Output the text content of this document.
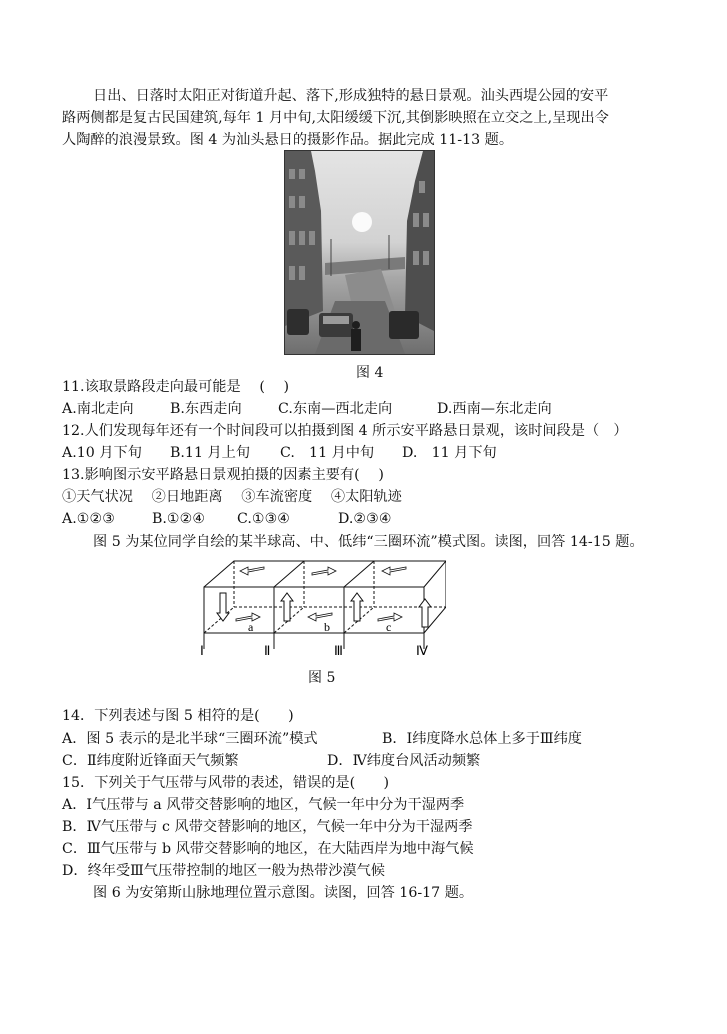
日出、日落时太阳正对街道升起、落下,形成独特的悬日景观。汕头西堤公园的安平
路两侧都是复古民国建筑,每年 1 月中旬,太阳缓缓下沉,其倒影映照在立交之上,呈现出令
人陶醉的浪漫景致。图 4 为汕头悬日的摄影作品。据此完成 11-13 题。
图 4
11.该取景路段走向最可能是　 (　 )
A.南北走向	B.东西走向	C.东南—西北走向	D.西南—东北走向
12.人们发现每年还有一个时间段可以拍摄到图 4 所示安平路悬日景观，该时间段是（　）
A.10 月下旬 B.11 月上旬 C.　11 月中旬 D.　11 月下旬
13.影响图示安平路悬日景观拍摄的因素主要有(　 )
①天气状况　 ②日地距离　 ③车流密度　 ④太阳轨迹
A.①②③	B.①②④ C.①③④	D.②③④
图 5 为某位同学自绘的某半球高、中、低纬“三圈环流”模式图。读图，回答 14-15 题。
a	b	c
Ⅰ	Ⅱ	Ⅲ	Ⅳ
图 5
14．下列表述与图 5 相符的是(　　)
A．图 5 表示的是北半球“三圈环流”模式	B．Ⅰ纬度降水总体上多于Ⅲ纬度
C．Ⅱ纬度附近锋面天气频繁	D．Ⅳ纬度台风活动频繁
15．下列关于气压带与风带的表述，错误的是(　　)
A．Ⅰ气压带与 a 风带交替影响的地区，气候一年中分为干湿两季
B．Ⅳ气压带与 c 风带交替影响的地区，气候一年中分为干湿两季
C．Ⅲ气压带与 b 风带交替影响的地区，在大陆西岸为地中海气候
D．终年受Ⅲ气压带控制的地区一般为热带沙漠气候
图 6 为安第斯山脉地理位置示意图。读图，回答 16-17 题。
